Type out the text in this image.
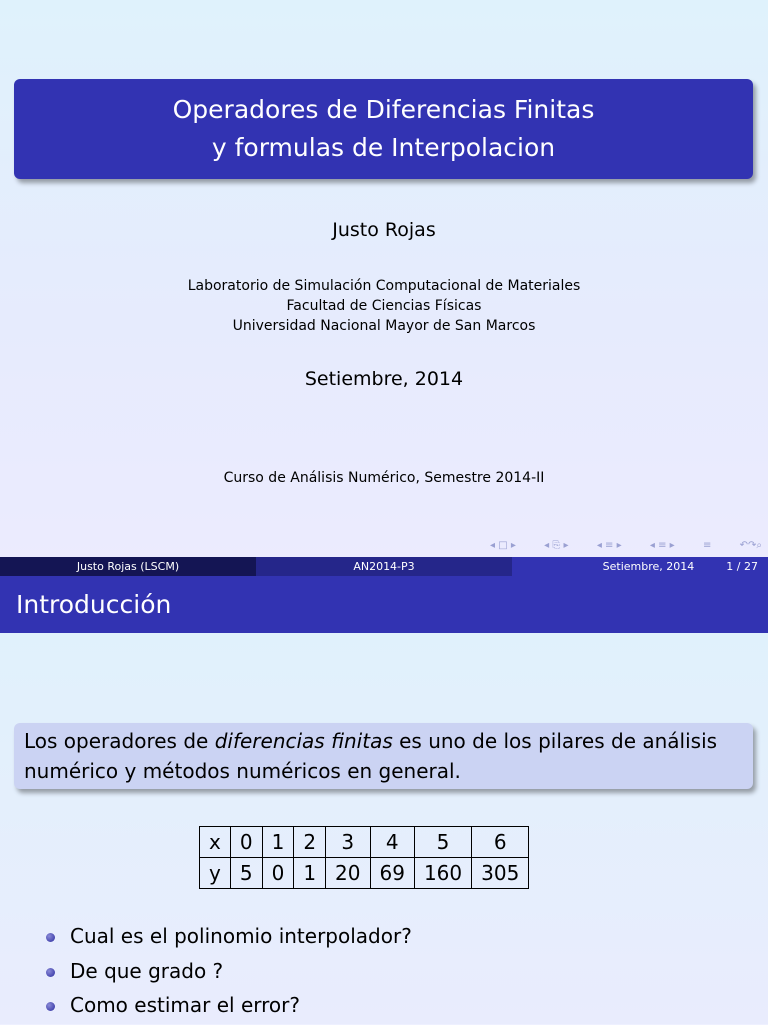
Operadores de Diferencias Finitas
y formulas de Interpolacion
Justo Rojas
Laboratorio de Simulación Computacional de Materiales
Facultad de Ciencias Físicas
Universidad Nacional Mayor de San Marcos
Setiembre, 2014
Curso de Análisis Numérico, Semestre 2014-II
◂ □ ▸	◂ ⎘ ▸	◂ ≡ ▸	◂ ≡ ▸	≡	↶↷⌕
Justo Rojas (LSCM)	AN2014-P3	Setiembre, 2014	1 / 27
Introducción
Los operadores de diferencias finitas es uno de los pilares de análisis numérico y métodos numéricos en general.
x	0	1	2	3	4	5	6
y	5	0	1	20	69	160	305
Cual es el polinomio interpolador?
De que grado ?
Como estimar el error?
